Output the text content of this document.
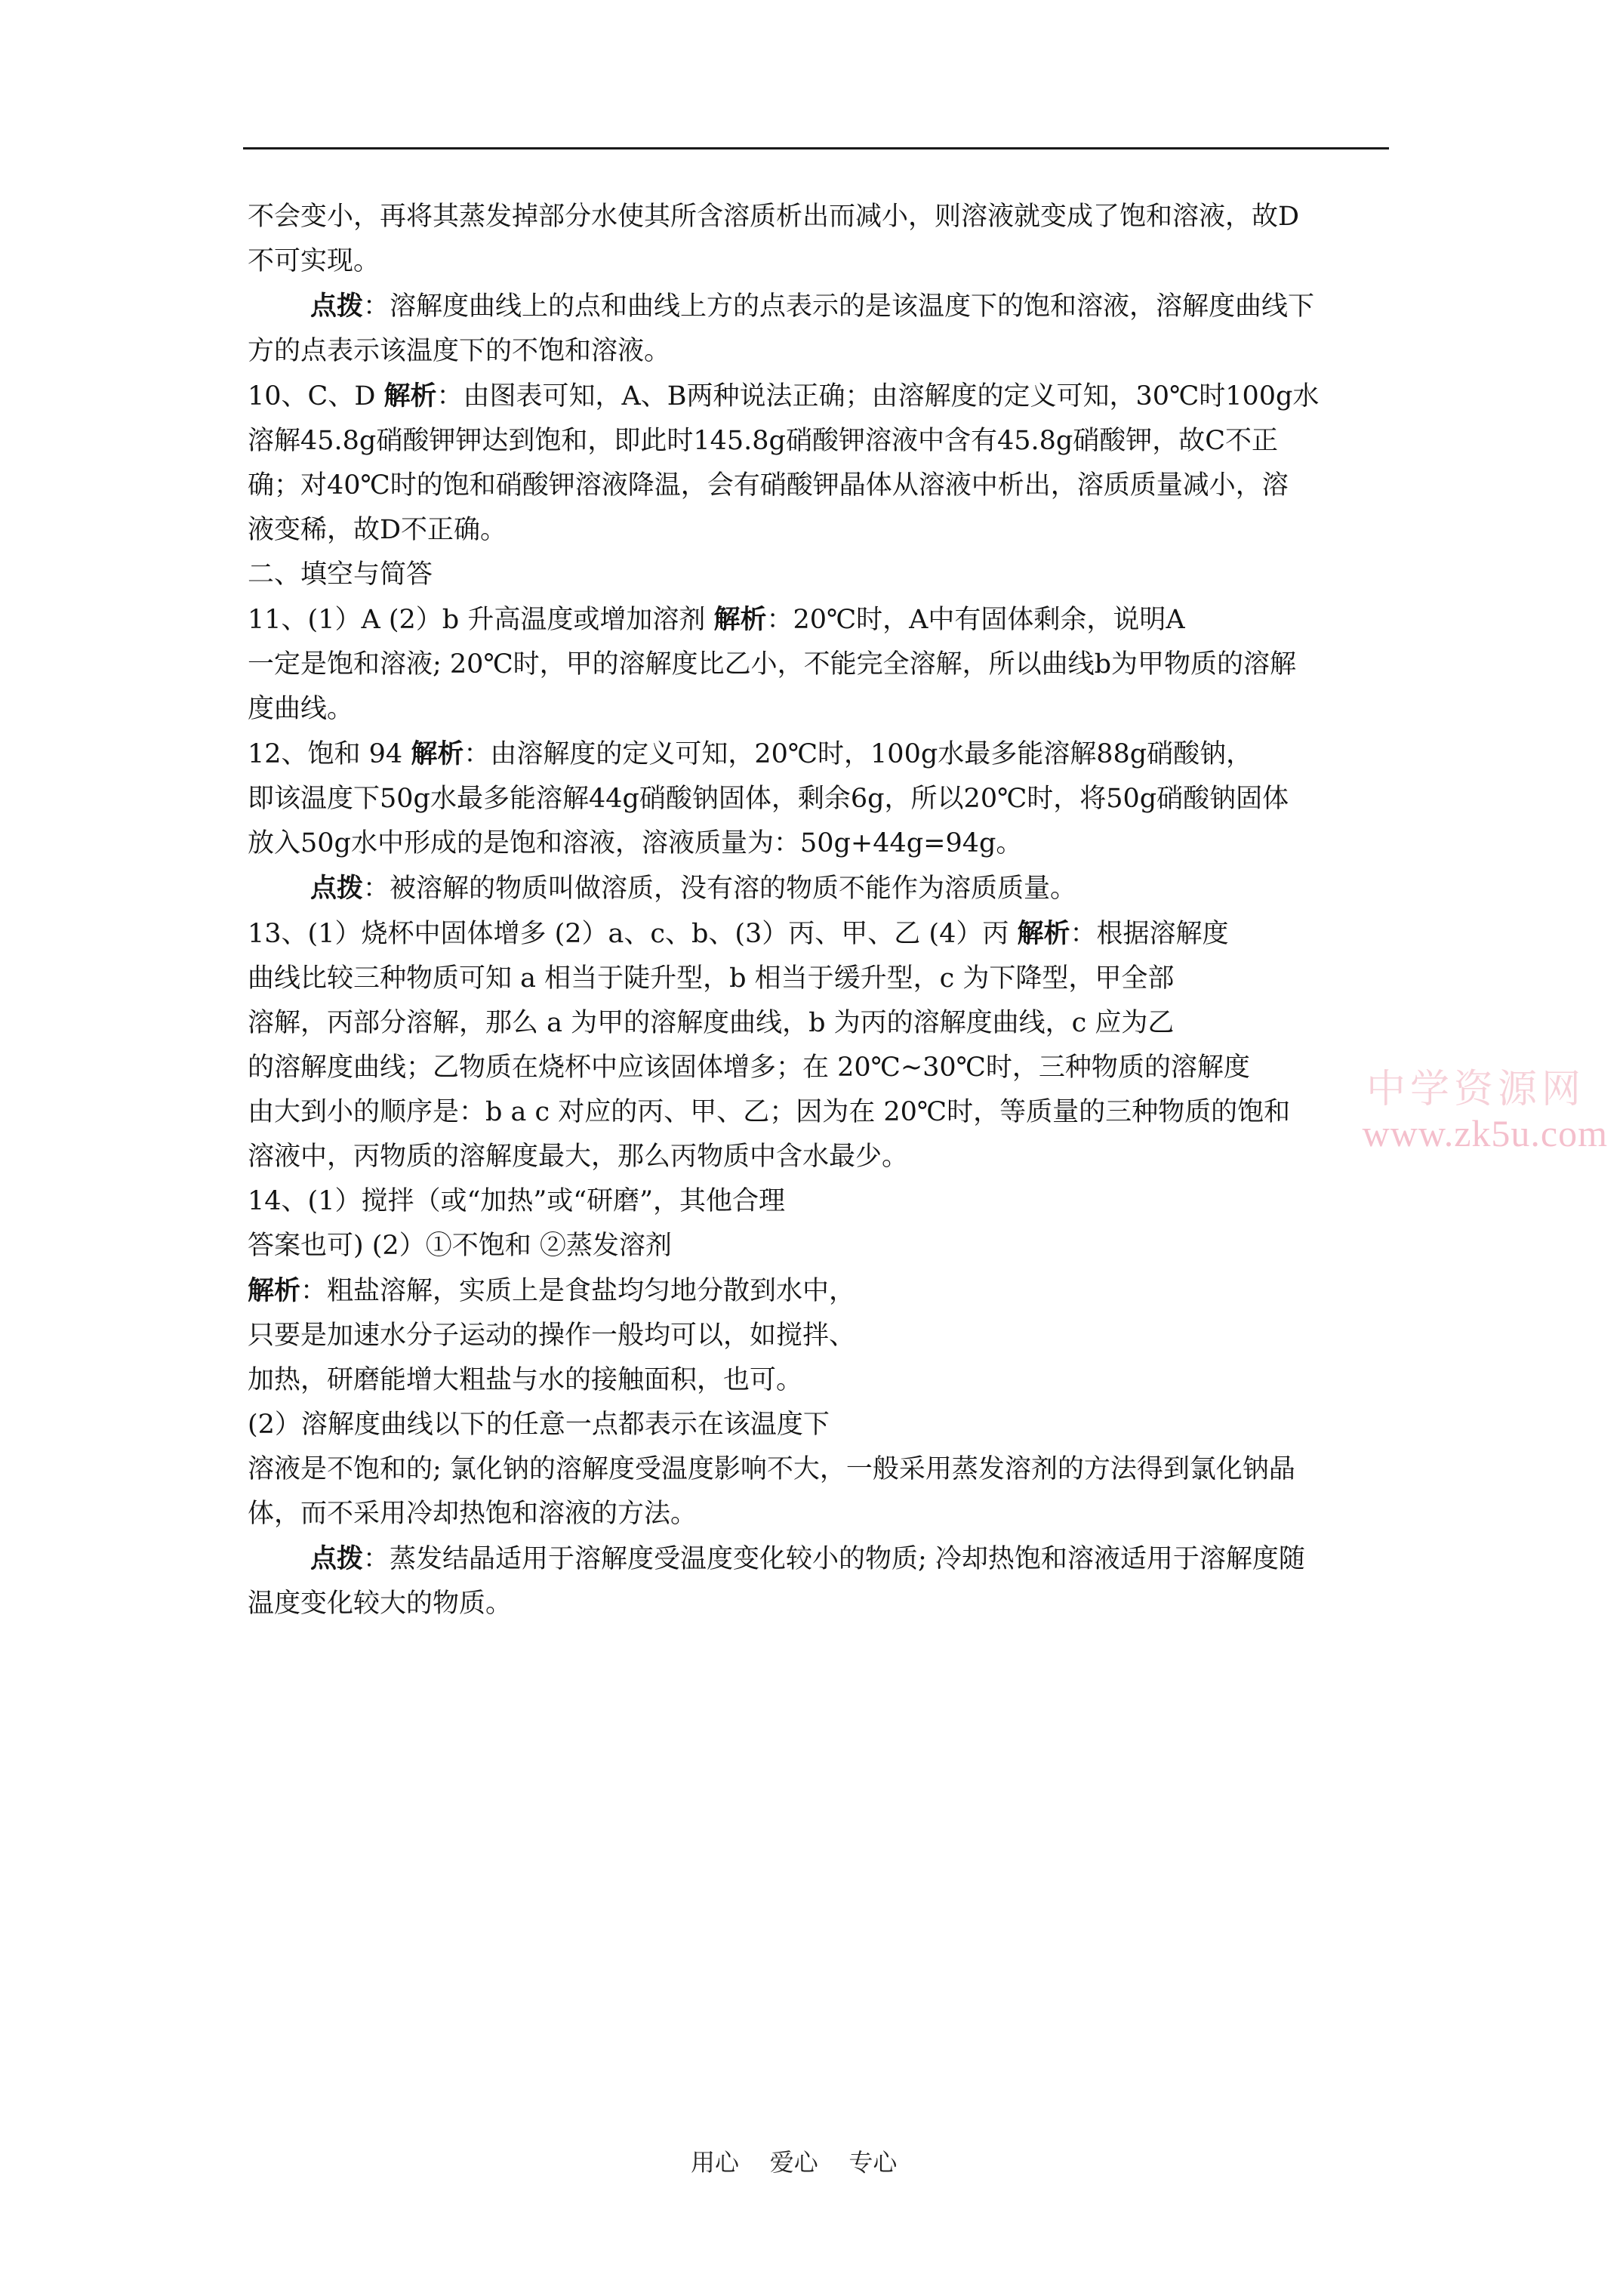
不会变小，再将其蒸发掉部分水使其所含溶质析出而减小，则溶液就变成了饱和溶液，故D

不可实现。

点拨：溶解度曲线上的点和曲线上方的点表示的是该温度下的饱和溶液，溶解度曲线下

方的点表示该温度下的不饱和溶液。

10、C、D 解析：由图表可知，A、B两种说法正确；由溶解度的定义可知，30℃时100g水

溶解45.8g硝酸钾钾达到饱和，即此时145.8g硝酸钾溶液中含有45.8g硝酸钾，故C不正

确；对40℃时的饱和硝酸钾溶液降温，会有硝酸钾晶体从溶液中析出，溶质质量减小，溶

液变稀，故D不正确。

二、填空与简答

11、(1）A (2）b 升高温度或增加溶剂 解析：20℃时，A中有固体剩余，说明A

一定是饱和溶液; 20℃时，甲的溶解度比乙小，不能完全溶解，所以曲线b为甲物质的溶解

度曲线。

12、饱和 94 解析：由溶解度的定义可知，20℃时，100g水最多能溶解88g硝酸钠，

即该温度下50g水最多能溶解44g硝酸钠固体，剩余6g，所以20℃时，将50g硝酸钠固体

放入50g水中形成的是饱和溶液，溶液质量为：50g+44g=94g。

点拨：被溶解的物质叫做溶质，没有溶的物质不能作为溶质质量。

13、(1）烧杯中固体增多 (2）a、c、b、(3）丙、甲、乙 (4）丙 解析：根据溶解度

曲线比较三种物质可知 a 相当于陡升型，b 相当于缓升型，c 为下降型，甲全部

溶解，丙部分溶解，那么 a 为甲的溶解度曲线，b 为丙的溶解度曲线，c 应为乙

的溶解度曲线；乙物质在烧杯中应该固体增多；在 20℃~30℃时，三种物质的溶解度

由大到小的顺序是：b a c 对应的丙、甲、乙；因为在 20℃时，等质量的三种物质的饱和

溶液中，丙物质的溶解度最大，那么丙物质中含水最少。

14、(1）搅拌（或“加热”或“研磨”，其他合理

答案也可) (2）①不饱和 ②蒸发溶剂

解析：粗盐溶解，实质上是食盐均匀地分散到水中，

只要是加速水分子运动的操作一般均可以，如搅拌、

加热，研磨能增大粗盐与水的接触面积，也可。

(2）溶解度曲线以下的任意一点都表示在该温度下

溶液是不饱和的; 氯化钠的溶解度受温度影响不大，一般采用蒸发溶剂的方法得到氯化钠晶

体，而不采用冷却热饱和溶液的方法。

点拨：蒸发结晶适用于溶解度受温度变化较小的物质; 冷却热饱和溶液适用于溶解度随

温度变化较大的物质。

中学资源网
www.zk5u.com
用心    爱心    专心
